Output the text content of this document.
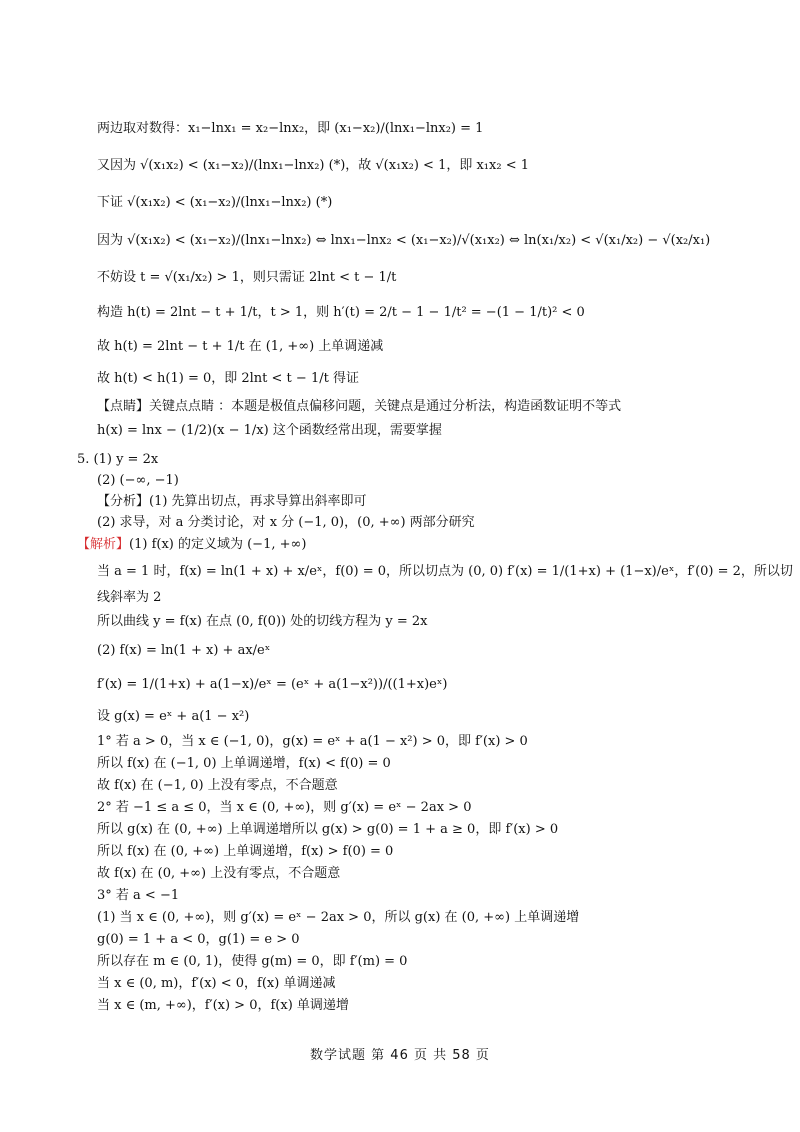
两边取对数得：x₁−lnx₁ = x₂−lnx₂，即 (x₁−x₂)/(lnx₁−lnx₂) = 1
又因为 √(x₁x₂) < (x₁−x₂)/(lnx₁−lnx₂) (*)，故 √(x₁x₂) < 1，即 x₁x₂ < 1
下证 √(x₁x₂) < (x₁−x₂)/(lnx₁−lnx₂) (*)
因为 √(x₁x₂) < (x₁−x₂)/(lnx₁−lnx₂) ⇔ lnx₁−lnx₂ < (x₁−x₂)/√(x₁x₂) ⇔ ln(x₁/x₂) < √(x₁/x₂) − √(x₂/x₁)
不妨设 t = √(x₁/x₂) > 1，则只需证 2lnt < t − 1/t
构造 h(t) = 2lnt − t + 1/t，t > 1，则 h′(t) = 2/t − 1 − 1/t² = −(1 − 1/t)² < 0
故 h(t) = 2lnt − t + 1/t 在 (1, +∞) 上单调递减
故 h(t) < h(1) = 0，即 2lnt < t − 1/t 得证
【点睛】关键点点睛 ：本题是极值点偏移问题，关键点是通过分析法，构造函数证明不等式
h(x) = lnx − (1/2)(x − 1/x) 这个函数经常出现，需要掌握
5. (1) y = 2x
(2) (−∞, −1)
【分析】(1) 先算出切点，再求导算出斜率即可
(2) 求导，对 a 分类讨论，对 x 分 (−1, 0)，(0, +∞) 两部分研究
【解析】(1) f(x) 的定义域为 (−1, +∞)
当 a = 1 时，f(x) = ln(1 + x) + x/eˣ，f(0) = 0，所以切点为 (0, 0) f′(x) = 1/(1+x) + (1−x)/eˣ，f′(0) = 2，所以切
线斜率为 2
所以曲线 y = f(x) 在点 (0, f(0)) 处的切线方程为 y = 2x
(2) f(x) = ln(1 + x) + ax/eˣ
f′(x) = 1/(1+x) + a(1−x)/eˣ = (eˣ + a(1−x²))/((1+x)eˣ)
设 g(x) = eˣ + a(1 − x²)
1° 若 a > 0，当 x ∈ (−1, 0)，g(x) = eˣ + a(1 − x²) > 0，即 f′(x) > 0
所以 f(x) 在 (−1, 0) 上单调递增，f(x) < f(0) = 0
故 f(x) 在 (−1, 0) 上没有零点，不合题意
2° 若 −1 ≤ a ≤ 0，当 x ∈ (0, +∞)，则 g′(x) = eˣ − 2ax > 0
所以 g(x) 在 (0, +∞) 上单调递增所以 g(x) > g(0) = 1 + a ≥ 0，即 f′(x) > 0
所以 f(x) 在 (0, +∞) 上单调递增，f(x) > f(0) = 0
故 f(x) 在 (0, +∞) 上没有零点，不合题意
3° 若 a < −1
(1) 当 x ∈ (0, +∞)，则 g′(x) = eˣ − 2ax > 0，所以 g(x) 在 (0, +∞) 上单调递增
g(0) = 1 + a < 0，g(1) = e > 0
所以存在 m ∈ (0, 1)，使得 g(m) = 0，即 f′(m) = 0
当 x ∈ (0, m)，f′(x) < 0，f(x) 单调递减
当 x ∈ (m, +∞)，f′(x) > 0，f(x) 单调递增
数学试题 第 46 页 共 58 页
